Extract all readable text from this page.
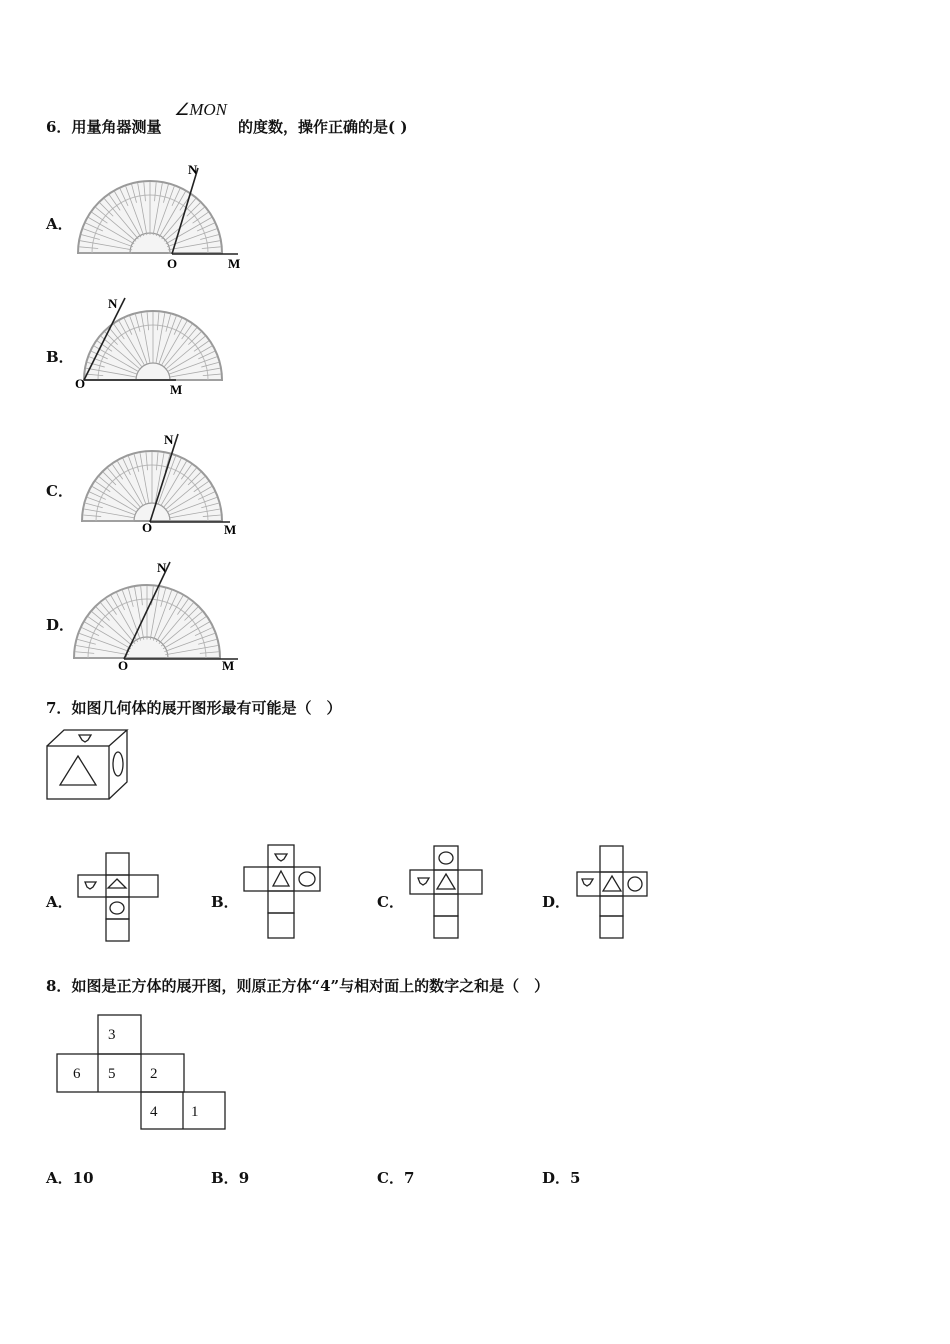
6．用量角器测量
∠MON
的度数，操作正确的是( )
A．
O	M
N
B．
O	M
N
C．
O	M
N
D．
O	M
N
7．如图几何体的展开图形最有可能是（　）
A．	B．	C．	D．
8．如图是正方体的展开图，则原正方体“4”与相对面上的数字之和是（　）
3
6 5 2
4 1
A．10	B．9	C．7	D．5
